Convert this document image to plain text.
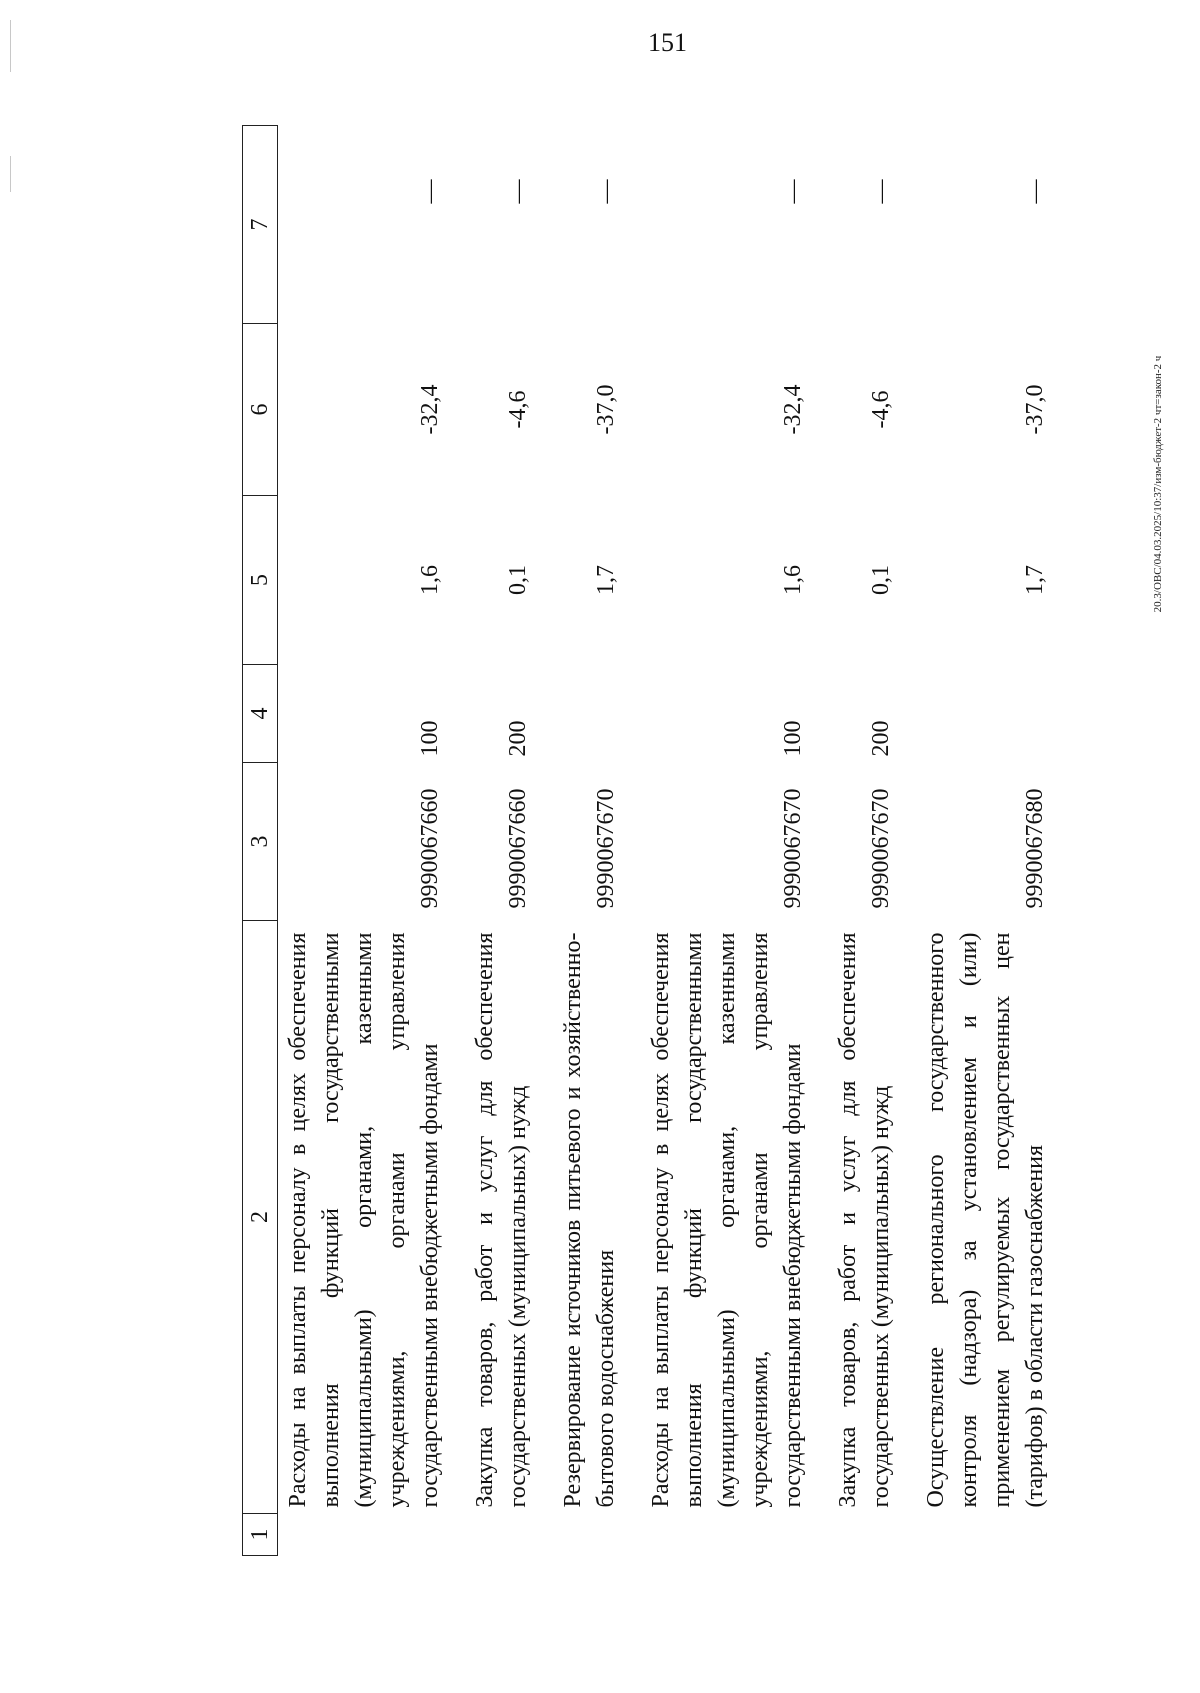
151
20.3/ОВС/04.03.2025/10:37/изм-бюджет-2 чт=закон-2 ч
1	2	3	4	5	6	7
	Расходы на выплаты персоналу в целях обеспечения выполнения функций государственными (муниципальными) органами, казенными учреждениями, органами управления государственными внебюджетными фондами	9990067660	100	1,6	-32,4	—
	Закупка товаров, работ и услуг для обеспечения государственных (муниципальных) нужд	9990067660	200	0,1	-4,6	—
	Резервирование источников питьевого и хозяйственно-бытового водоснабжения	9990067670		1,7	-37,0	—
	Расходы на выплаты персоналу в целях обеспечения выполнения функций государственными (муниципальными) органами, казенными учреждениями, органами управления государственными внебюджетными фондами	9990067670	100	1,6	-32,4	—
	Закупка товаров, работ и услуг для обеспечения государственных (муниципальных) нужд	9990067670	200	0,1	-4,6	—
	Осуществление регионального государственного контроля (надзора) за установлением и (или) применением регулируемых государственных цен (тарифов) в области газоснабжения	9990067680		1,7	-37,0	—
